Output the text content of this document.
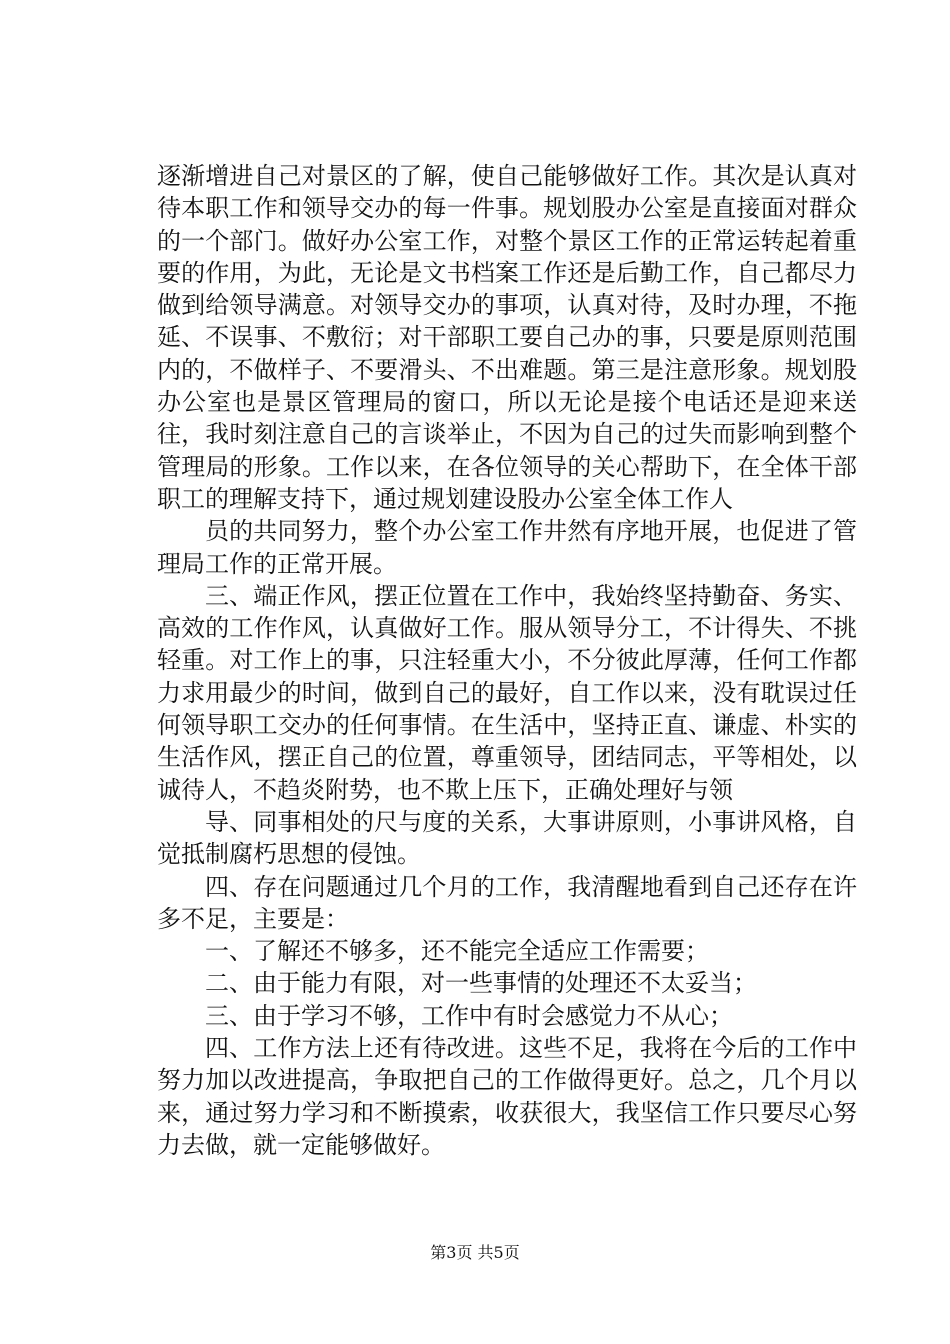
逐渐增进自己对景区的了解，使自己能够做好工作。其次是认真对待本职工作和领导交办的每一件事。规划股办公室是直接面对群众的一个部门。做好办公室工作，对整个景区工作的正常运转起着重要的作用，为此，无论是文书档案工作还是后勤工作，自己都尽力做到给领导满意。对领导交办的事项，认真对待，及时办理，不拖延、不误事、不敷衍；对干部职工要自己办的事，只要是原则范围内的，不做样子、不要滑头、不出难题。第三是注意形象。规划股办公室也是景区管理局的窗口，所以无论是接个电话还是迎来送往，我时刻注意自己的言谈举止，不因为自己的过失而影响到整个管理局的形象。工作以来，在各位领导的关心帮助下，在全体干部职工的理解支持下，通过规划建设股办公室全体工作人

员的共同努力，整个办公室工作井然有序地开展，也促进了管理局工作的正常开展。

三、端正作风，摆正位置在工作中，我始终坚持勤奋、务实、高效的工作作风，认真做好工作。服从领导分工，不计得失、不挑轻重。对工作上的事，只注轻重大小，不分彼此厚薄，任何工作都力求用最少的时间，做到自己的最好，自工作以来，没有耽误过任何领导职工交办的任何事情。在生活中，坚持正直、谦虚、朴实的生活作风，摆正自己的位置，尊重领导，团结同志，平等相处，以诚待人，不趋炎附势，也不欺上压下，正确处理好与领

导、同事相处的尺与度的关系，大事讲原则，小事讲风格，自觉抵制腐朽思想的侵蚀。

四、存在问题通过几个月的工作，我清醒地看到自己还存在许多不足，主要是：

一、了解还不够多，还不能完全适应工作需要；

二、由于能力有限，对一些事情的处理还不太妥当；

三、由于学习不够，工作中有时会感觉力不从心；

四、工作方法上还有待改进。这些不足，我将在今后的工作中努力加以改进提高，争取把自己的工作做得更好。总之，几个月以来，通过努力学习和不断摸索，收获很大，我坚信工作只要尽心努力去做，就一定能够做好。

第3页 共5页
